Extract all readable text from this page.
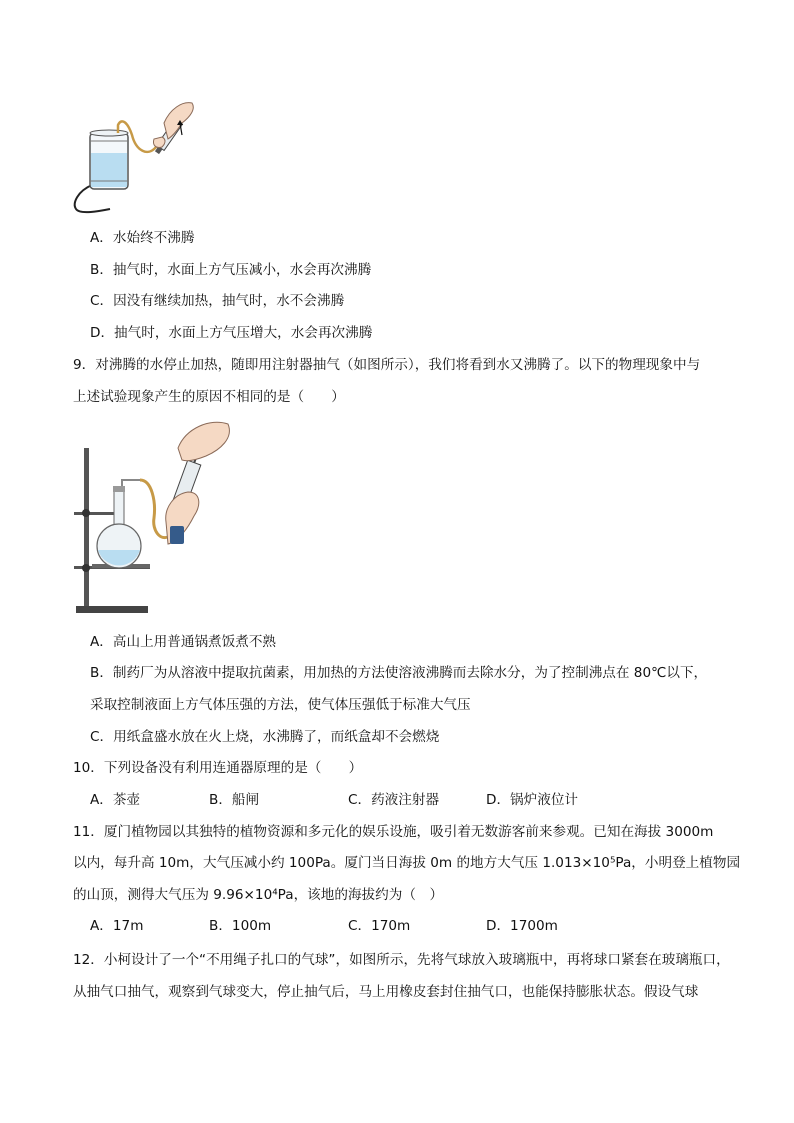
A．水始终不沸腾
B．抽气时，水面上方气压减小，水会再次沸腾
C．因没有继续加热，抽气时，水不会沸腾
D．抽气时，水面上方气压增大，水会再次沸腾
9．对沸腾的水停止加热，随即用注射器抽气（如图所示），我们将看到水又沸腾了。以下的物理现象中与
上述试验现象产生的原因不相同的是（　　）
A．高山上用普通锅煮饭煮不熟
B．制药厂为从溶液中提取抗菌素，用加热的方法使溶液沸腾而去除水分，为了控制沸点在 80℃以下，
采取控制液面上方气体压强的方法，使气体压强低于标准大气压
C．用纸盒盛水放在火上烧，水沸腾了，而纸盒却不会燃烧
10．下列设备没有利用连通器原理的是（　　）
A．茶壶	B．船闸	C．药液注射器	D．锅炉液位计
11．厦门植物园以其独特的植物资源和多元化的娱乐设施，吸引着无数游客前来参观。已知在海拔 3000m
以内，每升高 10m，大气压减小约 100Pa。厦门当日海拔 0m 的地方大气压 1.013×10⁵Pa，小明登上植物园
的山顶，测得大气压为 9.96×10⁴Pa，该地的海拔约为（　）
A．17m	B．100m	C．170m	D．1700m
12．小柯设计了一个“不用绳子扎口的气球”，如图所示，先将气球放入玻璃瓶中，再将球口紧套在玻璃瓶口，
从抽气口抽气，观察到气球变大，停止抽气后，马上用橡皮套封住抽气口，也能保持膨胀状态。假设气球
